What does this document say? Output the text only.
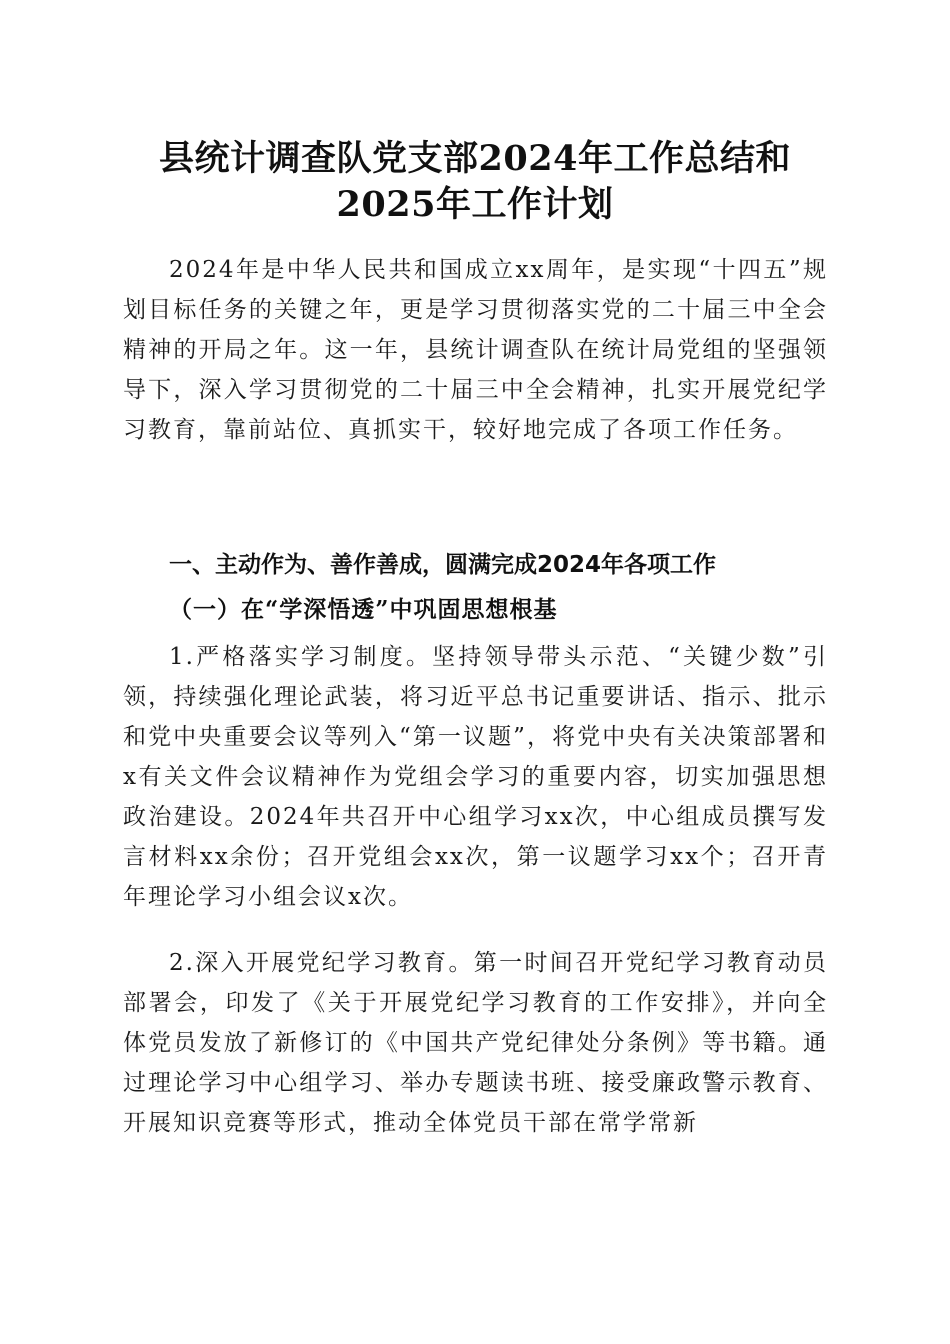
县统计调查队党支部2024年工作总结和2025年工作计划

2024年是中华人民共和国成立xx周年，是实现“十四五”规划目标任务的关键之年，更是学习贯彻落实党的二十届三中全会精神的开局之年。这一年，县统计调查队在统计局党组的坚强领导下，深入学习贯彻党的二十届三中全会精神，扎实开展党纪学习教育，靠前站位、真抓实干，较好地完成了各项工作任务。

一、主动作为、善作善成，圆满完成2024年各项工作
（一）在“学深悟透”中巩固思想根基

1.严格落实学习制度。坚持领导带头示范、“关键少数”引领，持续强化理论武装，将习近平总书记重要讲话、指示、批示和党中央重要会议等列入“第一议题”，将党中央有关决策部署和x有关文件会议精神作为党组会学习的重要内容，切实加强思想政治建设。2024年共召开中心组学习xx次，中心组成员撰写发言材料xx余份；召开党组会xx次，第一议题学习xx个；召开青年理论学习小组会议x次。

2.深入开展党纪学习教育。第一时间召开党纪学习教育动员部署会，印发了《关于开展党纪学习教育的工作安排》，并向全体党员发放了新修订的《中国共产党纪律处分条例》等书籍。通过理论学习中心组学习、举办专题读书班、接受廉政警示教育、开展知识竞赛等形式，推动全体党员干部在常学常新
